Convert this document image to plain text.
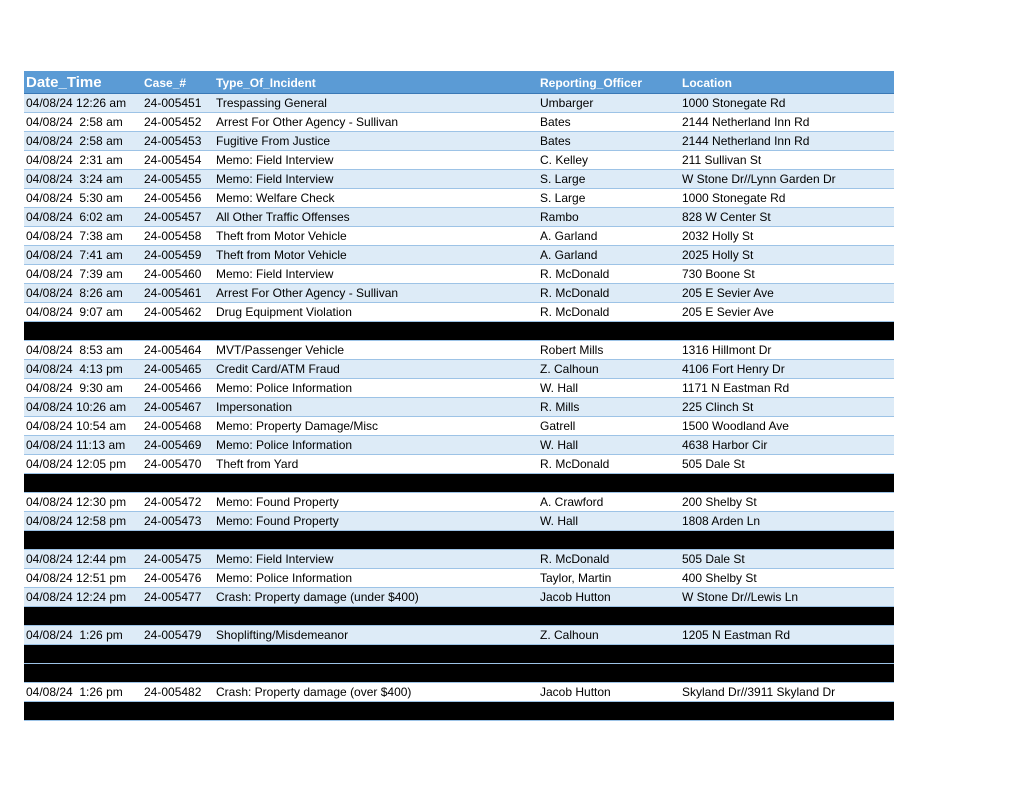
Date_Time	Case_#	Type_Of_Incident	Reporting_Officer	Location
04/08/24 12:26 am	24-005451	Trespassing General	Umbarger	1000 Stonegate Rd
04/08/24  2:58 am	24-005452	Arrest For Other Agency - Sullivan	Bates	2144 Netherland Inn Rd
04/08/24  2:58 am	24-005453	Fugitive From Justice	Bates	2144 Netherland Inn Rd
04/08/24  2:31 am	24-005454	Memo: Field Interview	C. Kelley	211 Sullivan St
04/08/24  3:24 am	24-005455	Memo: Field Interview	S. Large	W Stone Dr//Lynn Garden Dr
04/08/24  5:30 am	24-005456	Memo: Welfare Check	S. Large	1000 Stonegate Rd
04/08/24  6:02 am	24-005457	All Other Traffic Offenses	Rambo	828 W Center St
04/08/24  7:38 am	24-005458	Theft from Motor Vehicle	A. Garland	2032 Holly St
04/08/24  7:41 am	24-005459	Theft from Motor Vehicle	A. Garland	2025 Holly St
04/08/24  7:39 am	24-005460	Memo: Field Interview	R. McDonald	730 Boone St
04/08/24  8:26 am	24-005461	Arrest For Other Agency - Sullivan	R. McDonald	205 E Sevier Ave
04/08/24  9:07 am	24-005462	Drug Equipment Violation	R. McDonald	205 E Sevier Ave
04/08/24  8:53 am	24-005464	MVT/Passenger Vehicle	Robert Mills	1316 Hillmont Dr
04/08/24  4:13 pm	24-005465	Credit Card/ATM Fraud	Z. Calhoun	4106 Fort Henry Dr
04/08/24  9:30 am	24-005466	Memo: Police Information	W. Hall	1171 N Eastman Rd
04/08/24 10:26 am	24-005467	Impersonation	R. Mills	225 Clinch St
04/08/24 10:54 am	24-005468	Memo: Property Damage/Misc	Gatrell	1500 Woodland Ave
04/08/24 11:13 am	24-005469	Memo: Police Information	W. Hall	4638 Harbor Cir
04/08/24 12:05 pm	24-005470	Theft from Yard	R. McDonald	505 Dale St
04/08/24 12:30 pm	24-005472	Memo: Found Property	A. Crawford	200 Shelby St
04/08/24 12:58 pm	24-005473	Memo: Found Property	W. Hall	1808 Arden Ln
04/08/24 12:44 pm	24-005475	Memo: Field Interview	R. McDonald	505 Dale St
04/08/24 12:51 pm	24-005476	Memo: Police Information	Taylor, Martin	400 Shelby St
04/08/24 12:24 pm	24-005477	Crash: Property damage (under $400)	Jacob Hutton	W Stone Dr//Lewis Ln
04/08/24  1:26 pm	24-005479	Shoplifting/Misdemeanor	Z. Calhoun	1205 N Eastman Rd
04/08/24  1:26 pm	24-005482	Crash: Property damage (over $400)	Jacob Hutton	Skyland Dr//3911 Skyland Dr
